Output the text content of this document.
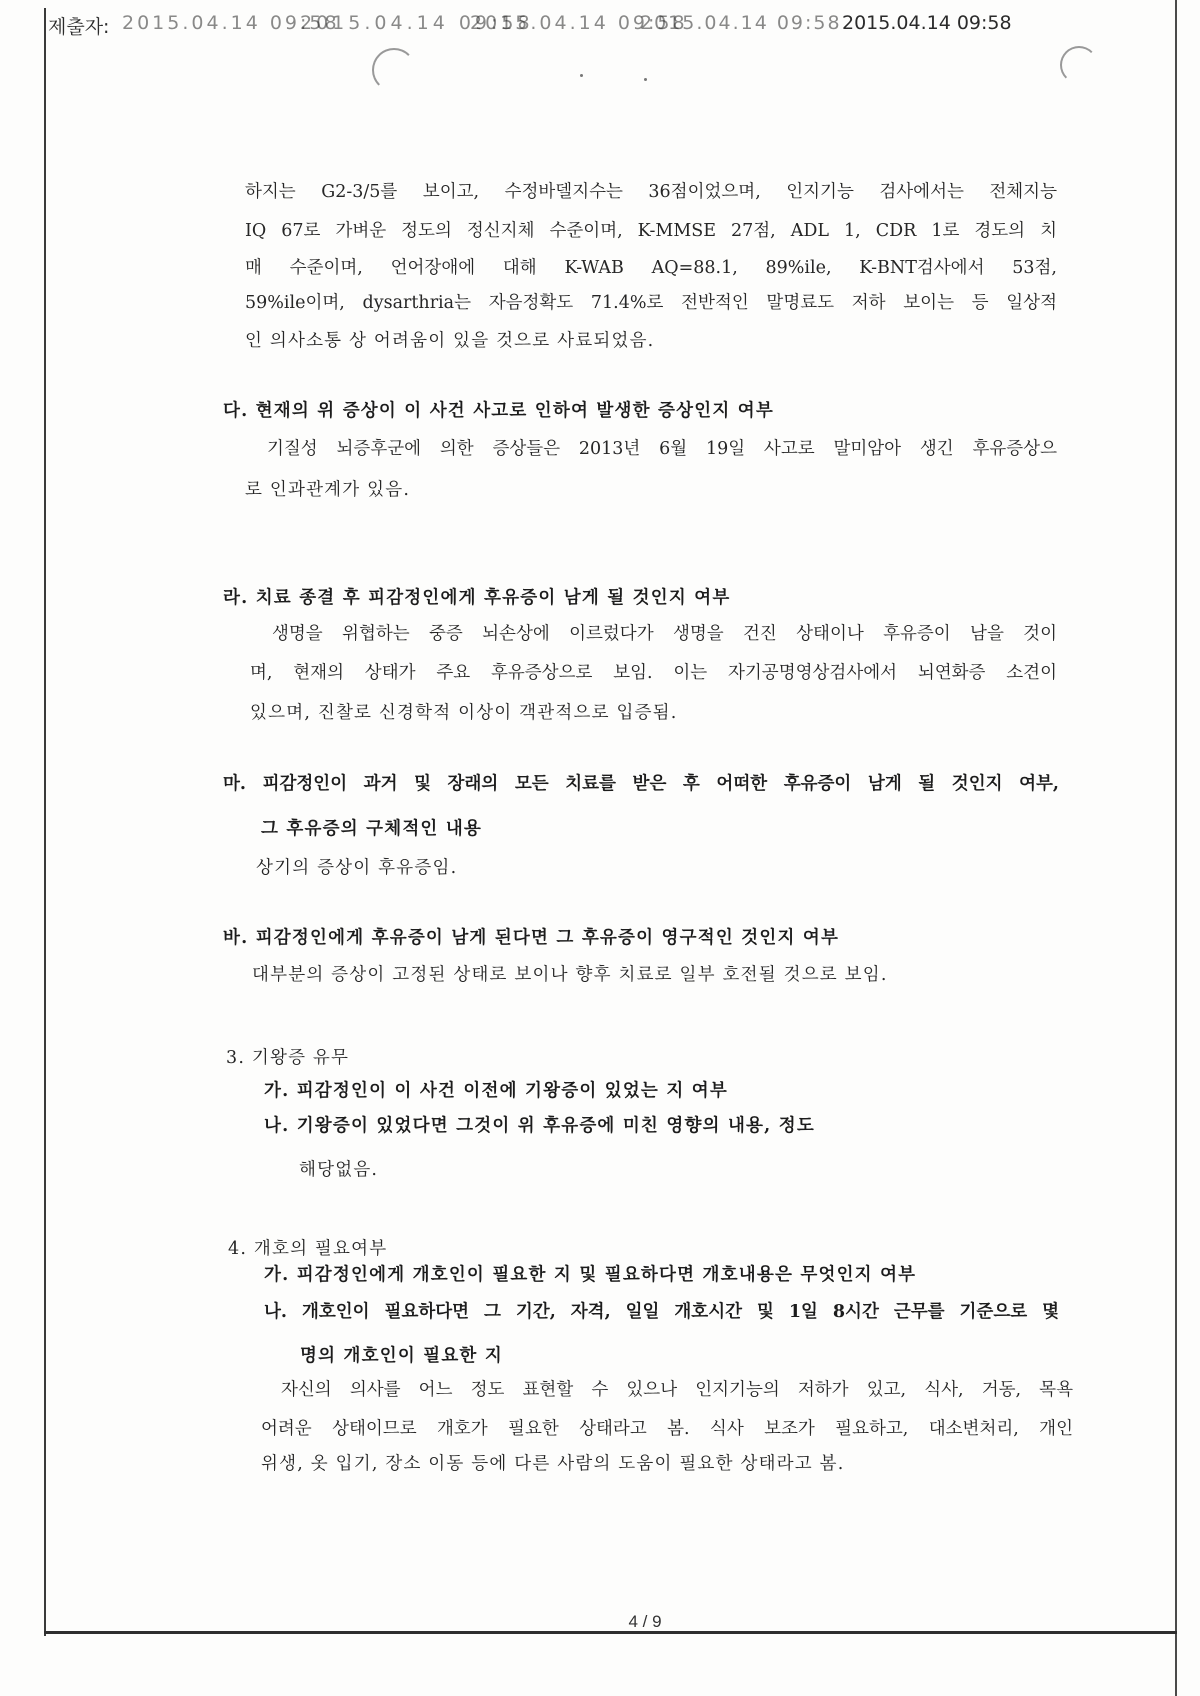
제출자: 2015.04.14 09:58
2015.04.14 09:58
2015.04.14 09:58
2015.04.14 09:58 2015.04.14 09:58
하지는 G2-3/5를 보이고, 수정바델지수는 36점이었으며, 인지기능 검사에서는 전체지능
IQ 67로 가벼운 정도의 정신지체 수준이며, K-MMSE 27점, ADL 1, CDR 1로 경도의 치
매 수준이며, 언어장애에 대해 K-WAB AQ=88.1, 89%ile, K-BNT검사에서 53점,
59%ile이며, dysarthria는 자음정확도 71.4%로 전반적인 말명료도 저하 보이는 등 일상적
인 의사소통 상 어려움이 있을 것으로 사료되었음.
다. 현재의 위 증상이 이 사건 사고로 인하여 발생한 증상인지 여부
기질성 뇌증후군에 의한 증상들은 2013년 6월 19일 사고로 말미암아 생긴 후유증상으
로 인과관계가 있음.
라. 치료 종결 후 피감정인에게 후유증이 남게 될 것인지 여부
생명을 위협하는 중증 뇌손상에 이르렀다가 생명을 건진 상태이나 후유증이 남을 것이
며, 현재의 상태가 주요 후유증상으로 보임. 이는 자기공명영상검사에서 뇌연화증 소견이
있으며, 진찰로 신경학적 이상이 객관적으로 입증됨.
마. 피감정인이 과거 및 장래의 모든 치료를 받은 후 어떠한 후유증이 남게 될 것인지 여부,
그 후유증의 구체적인 내용
상기의 증상이 후유증임.
바. 피감정인에게 후유증이 남게 된다면 그 후유증이 영구적인 것인지 여부
대부분의 증상이 고정된 상태로 보이나 향후 치료로 일부 호전될 것으로 보임.
3. 기왕증 유무
가. 피감정인이 이 사건 이전에 기왕증이 있었는 지 여부
나. 기왕증이 있었다면 그것이 위 후유증에 미친 영향의 내용, 정도
해당없음.
4. 개호의 필요여부
가. 피감정인에게 개호인이 필요한 지 및 필요하다면 개호내용은 무엇인지 여부
나. 개호인이 필요하다면 그 기간, 자격, 일일 개호시간 및 1일 8시간 근무를 기준으로 몇
명의 개호인이 필요한 지
자신의 의사를 어느 정도 표현할 수 있으나 인지기능의 저하가 있고, 식사, 거동, 목욕
어려운 상태이므로 개호가 필요한 상태라고 봄. 식사 보조가 필요하고, 대소변처리, 개인
위생, 옷 입기, 장소 이동 등에 다른 사람의 도움이 필요한 상태라고 봄.
4 / 9
